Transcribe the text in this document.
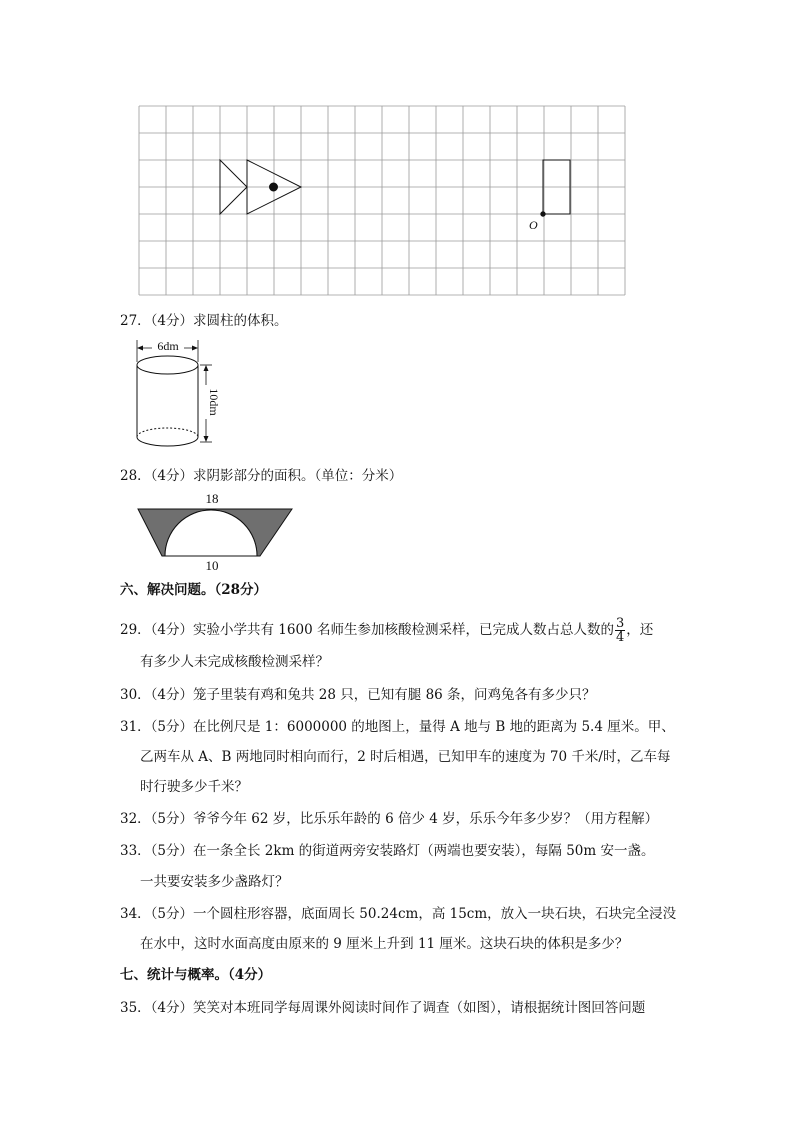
O
27．（4分）求圆柱的体积。
6dm
10dm
28．（4分）求阴影部分的面积。（单位：分米）
18
10
六、解决问题。（28分）
29．（4分）实验小学共有 1600 名师生参加核酸检测采样，已完成人数占总人数的 $\frac{3}{4}$ ，还
有多少人未完成核酸检测采样？
30．（4分）笼子里装有鸡和兔共 28 只，已知有腿 86 条，问鸡兔各有多少只？
31．（5分）在比例尺是 1：6000000 的地图上，量得 A 地与 B 地的距离为 5.4 厘米。甲、
乙两车从 A、B 两地同时相向而行，2 时后相遇，已知甲车的速度为 70 千米/时，乙车每
时行驶多少千米？
32．（5分）爷爷今年 62 岁，比乐乐年龄的 6 倍少 4 岁，乐乐今年多少岁？（用方程解）
33．（5分）在一条全长 2km 的街道两旁安装路灯（两端也要安装），每隔 50m 安一盏。
一共要安装多少盏路灯？
34．（5分）一个圆柱形容器，底面周长 50.24cm，高 15cm，放入一块石块，石块完全浸没
在水中，这时水面高度由原来的 9 厘米上升到 11 厘米。这块石块的体积是多少？
七、统计与概率。（4分）
35．（4分）笑笑对本班同学每周课外阅读时间作了调查（如图），请根据统计图回答问题
